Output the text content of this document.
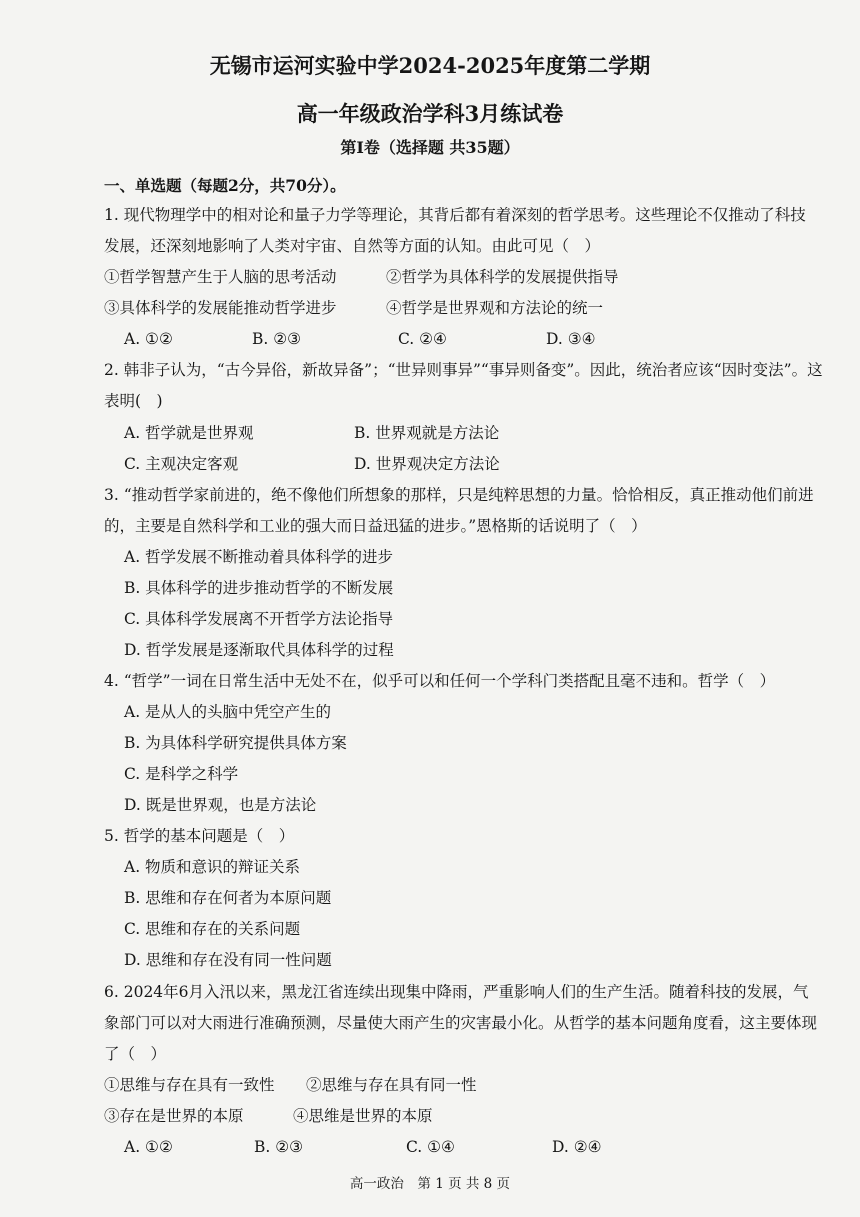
无锡市运河实验中学2024-2025年度第二学期
高一年级政治学科3月练试卷
第Ⅰ卷（选择题 共35题）
一、单选题（每题2分，共70分）。
1. 现代物理学中的相对论和量子力学等理论，其背后都有着深刻的哲学思考。这些理论不仅推动了科技
发展，还深刻地影响了人类对宇宙、自然等方面的认知。由此可见（　）
①哲学智慧产生于人脑的思考活动	②哲学为具体科学的发展提供指导
③具体科学的发展能推动哲学进步	④哲学是世界观和方法论的统一
A. ①②	B. ②③	C. ②④	D. ③④
2. 韩非子认为，“古今异俗，新故异备”；“世异则事异”“事异则备变”。因此，统治者应该“因时变法”。这
表明(　)
A. 哲学就是世界观	B. 世界观就是方法论
C. 主观决定客观	D. 世界观决定方法论
3. “推动哲学家前进的，绝不像他们所想象的那样，只是纯粹思想的力量。恰恰相反，真正推动他们前进
的，主要是自然科学和工业的强大而日益迅猛的进步。”恩格斯的话说明了（　）
A. 哲学发展不断推动着具体科学的进步
B. 具体科学的进步推动哲学的不断发展
C. 具体科学发展离不开哲学方法论指导
D. 哲学发展是逐渐取代具体科学的过程
4. “哲学”一词在日常生活中无处不在，似乎可以和任何一个学科门类搭配且毫不违和。哲学（　）
A. 是从人的头脑中凭空产生的
B. 为具体科学研究提供具体方案
C. 是科学之科学
D. 既是世界观，也是方法论
5. 哲学的基本问题是（　）
A. 物质和意识的辩证关系
B. 思维和存在何者为本原问题
C. 思维和存在的关系问题
D. 思维和存在没有同一性问题
6. 2024年6月入汛以来，黑龙江省连续出现集中降雨，严重影响人们的生产生活。随着科技的发展，气
象部门可以对大雨进行准确预测，尽量使大雨产生的灾害最小化。从哲学的基本问题角度看，这主要体现
了（　）
①思维与存在具有一致性 ②思维与存在具有同一性
③存在是世界的本原	④思维是世界的本原
A. ①②	B. ②③	C. ①④	D. ②④
高一政治　第 1 页 共 8 页
